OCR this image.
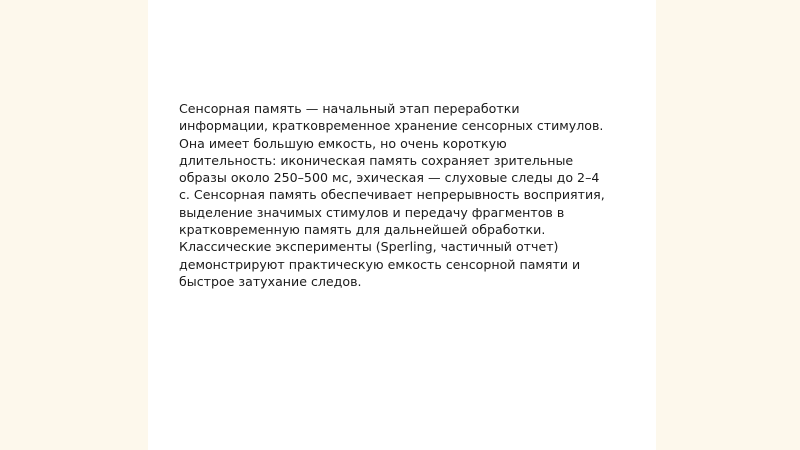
Сенсорная память — начальный этап переработки
информации, кратковременное хранение сенсорных стимулов.
Она имеет большую емкость, но очень короткую
длительность: иконическая память сохраняет зрительные
образы около 250–500 мс, эхическая — слуховые следы до 2–4
с. Сенсорная память обеспечивает непрерывность восприятия,
выделение значимых стимулов и передачу фрагментов в
кратковременную память для дальнейшей обработки.
Классические эксперименты (Sperling, частичный отчет)
демонстрируют практическую емкость сенсорной памяти и
быстрое затухание следов.
